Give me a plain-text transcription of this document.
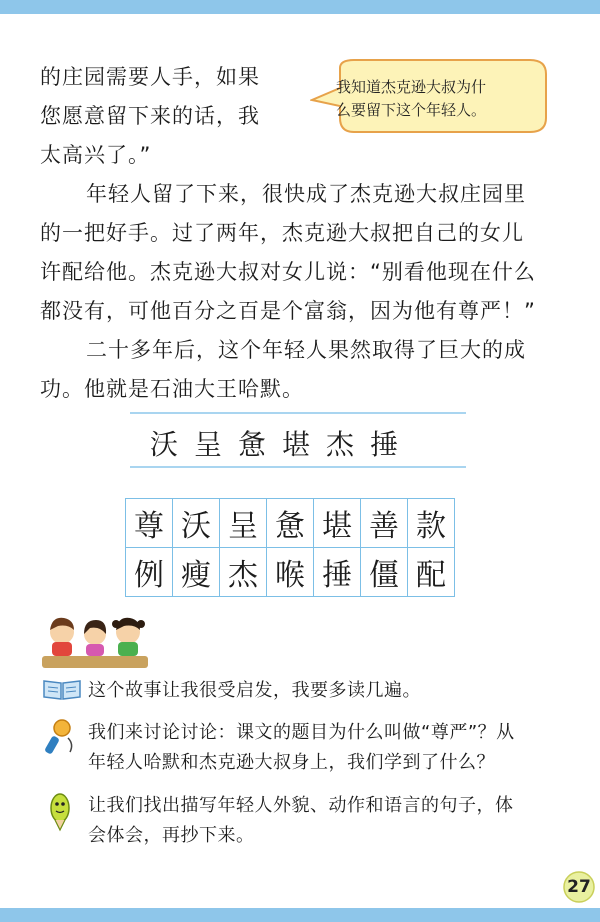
的庄园需要人手，如果
您愿意留下来的话，我
太高兴了。”
我知道杰克逊大叔为什
么要留下这个年轻人。
年轻人留了下来，很快成了杰克逊大叔庄园里
的一把好手。过了两年，杰克逊大叔把自己的女儿
许配给他。杰克逊大叔对女儿说：“别看他现在什么
都没有，可他百分之百是个富翁，因为他有尊严！”
二十多年后，这个年轻人果然取得了巨大的成
功。他就是石油大王哈默。
沃呈惫堪杰捶
尊	沃	呈	惫	堪	善	款
例	瘦	杰	喉	捶	僵	配
这个故事让我很受启发，我要多读几遍。
我们来讨论讨论：课文的题目为什么叫做“尊严”？从
年轻人哈默和杰克逊大叔身上，我们学到了什么？
让我们找出描写年轻人外貌、动作和语言的句子，体
会体会，再抄下来。
27
